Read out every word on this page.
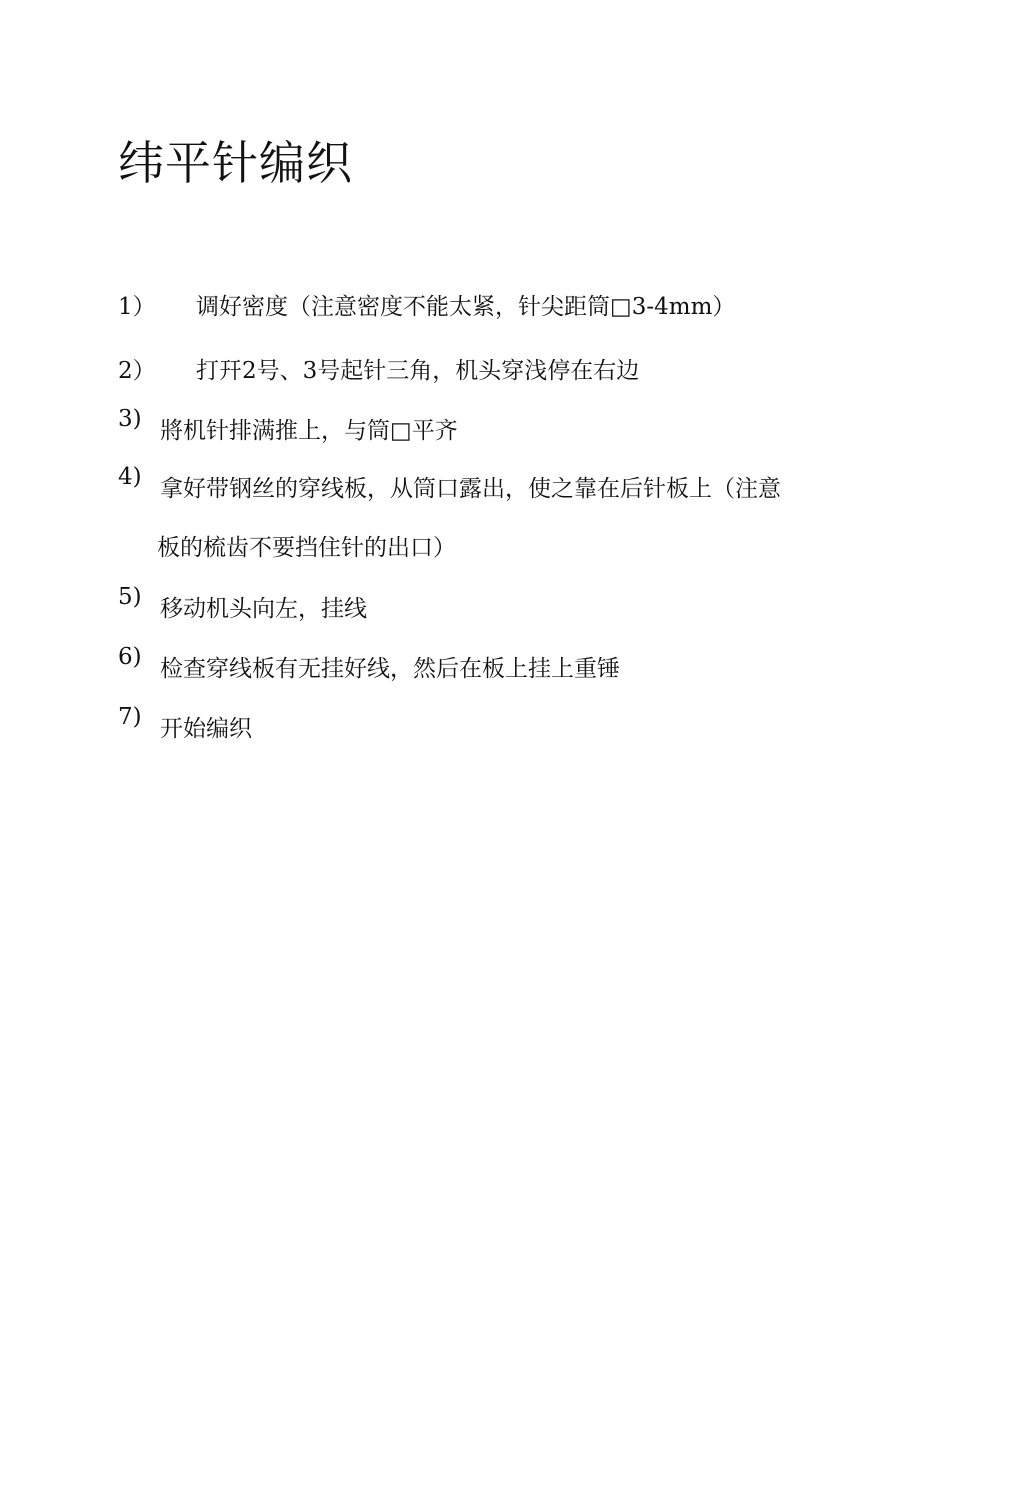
纬平针编织
1） 调好密度（注意密度不能太紧，针尖距筒□3-4mm）
2） 打幵2号、3号起针三角，机头穿浅停在右边
3) 將机针排满推上，与筒□平齐
4) 拿好带钢丝的穿线板，从筒口露出，使之靠在后针板上（注意
板的梳齿不要挡住针的出口）
5) 移动机头向左，挂线
6) 检查穿线板有无挂好线，然后在板上挂上重锤
7) 开始编织
